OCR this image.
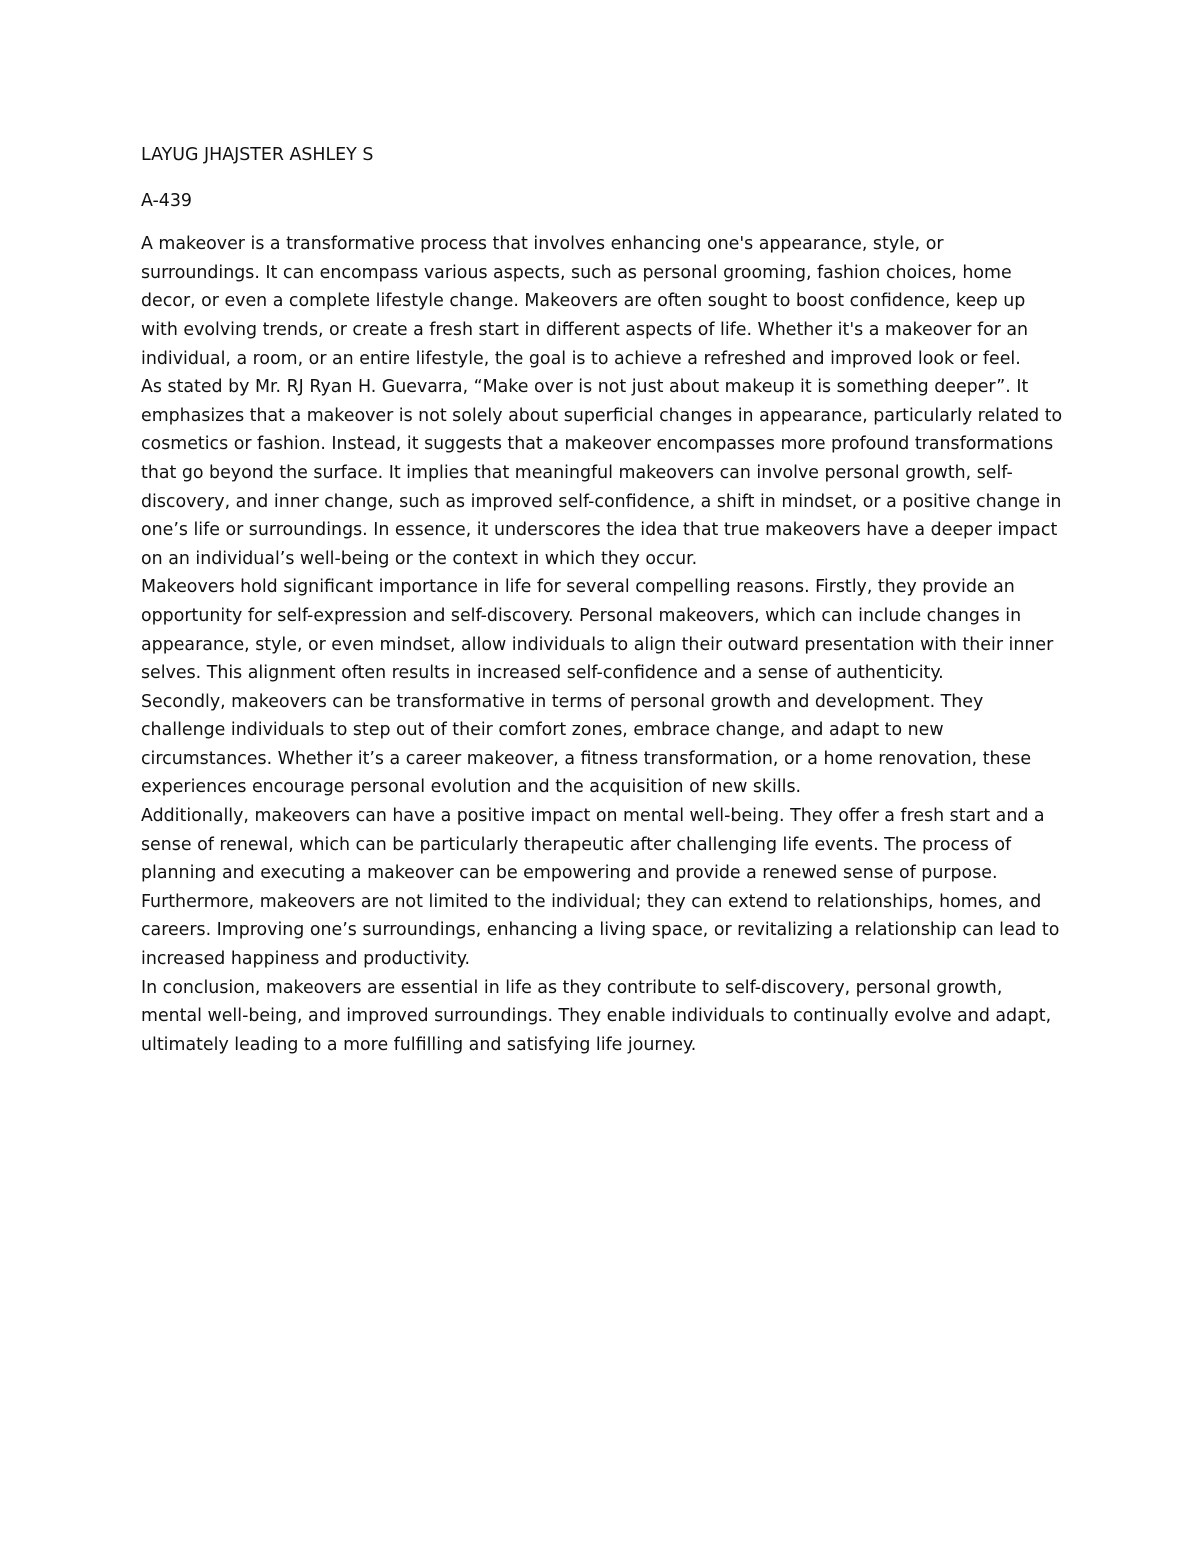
LAYUG JHAJSTER ASHLEY S
A-439

A makeover is a transformative process that involves enhancing one's appearance, style, or surroundings. It can encompass various aspects, such as personal grooming, fashion choices, home decor, or even a complete lifestyle change. Makeovers are often sought to boost confidence, keep up with evolving trends, or create a fresh start in different aspects of life. Whether it's a makeover for an individual, a room, or an entire lifestyle, the goal is to achieve a refreshed and improved look or feel.

As stated by Mr. RJ Ryan H. Guevarra, “Make over is not just about makeup it is something deeper”. It emphasizes that a makeover is not solely about superficial changes in appearance, particularly related to cosmetics or fashion. Instead, it suggests that a makeover encompasses more profound transformations that go beyond the surface. It implies that meaningful makeovers can involve personal growth, self-discovery, and inner change, such as improved self-confidence, a shift in mindset, or a positive change in one’s life or surroundings. In essence, it underscores the idea that true makeovers have a deeper impact on an individual’s well-being or the context in which they occur.

Makeovers hold significant importance in life for several compelling reasons. Firstly, they provide an opportunity for self-expression and self-discovery. Personal makeovers, which can include changes in appearance, style, or even mindset, allow individuals to align their outward presentation with their inner selves. This alignment often results in increased self-confidence and a sense of authenticity.

Secondly, makeovers can be transformative in terms of personal growth and development. They challenge individuals to step out of their comfort zones, embrace change, and adapt to new circumstances. Whether it’s a career makeover, a fitness transformation, or a home renovation, these experiences encourage personal evolution and the acquisition of new skills.

Additionally, makeovers can have a positive impact on mental well-being. They offer a fresh start and a sense of renewal, which can be particularly therapeutic after challenging life events. The process of planning and executing a makeover can be empowering and provide a renewed sense of purpose.

Furthermore, makeovers are not limited to the individual; they can extend to relationships, homes, and careers. Improving one’s surroundings, enhancing a living space, or revitalizing a relationship can lead to increased happiness and productivity.

In conclusion, makeovers are essential in life as they contribute to self-discovery, personal growth, mental well-being, and improved surroundings. They enable individuals to continually evolve and adapt, ultimately leading to a more fulfilling and satisfying life journey.
